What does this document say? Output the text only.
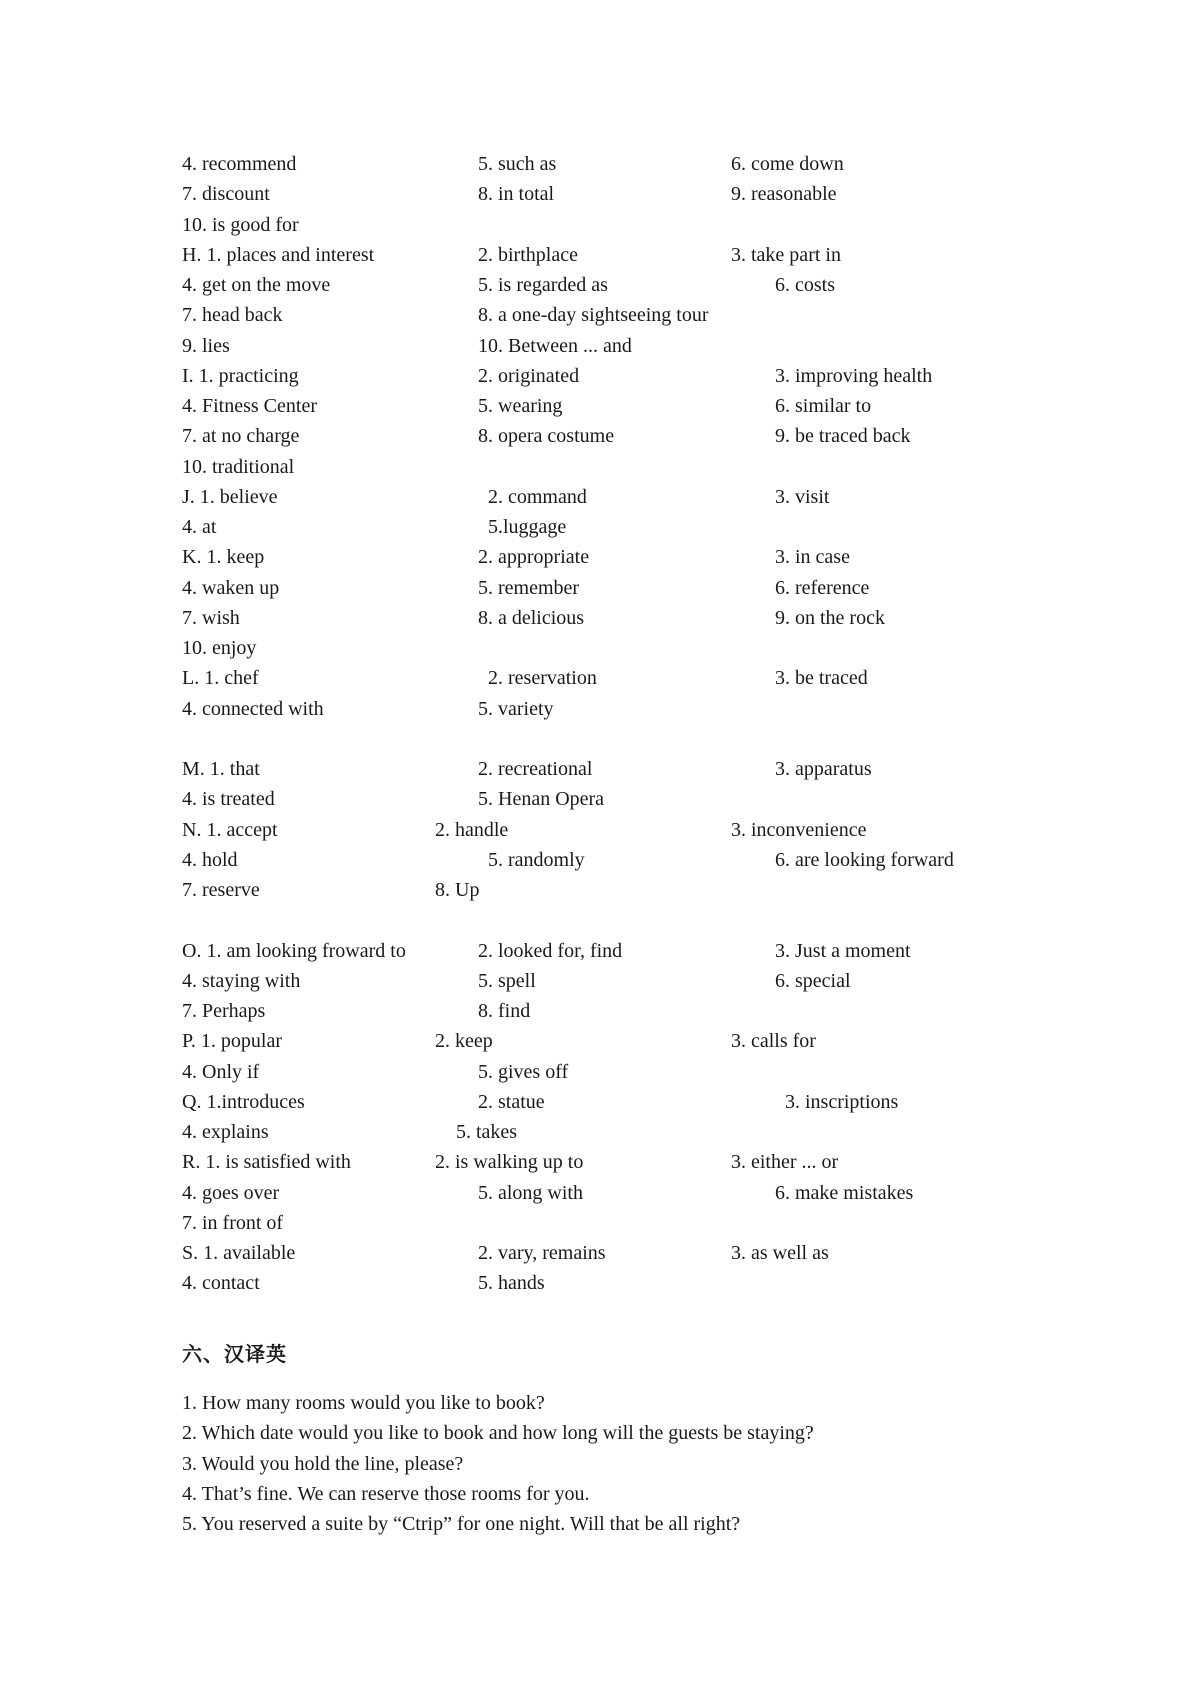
4. recommend	5. such as	6. come down
7. discount	8. in total	9. reasonable
10. is good for
H. 1. places and interest	2. birthplace	3. take part in
4. get on the move	5. is regarded as	6. costs
7. head back	8. a one-day sightseeing tour
9. lies	10. Between ... and
I. 1. practicing	2. originated	3. improving health
4. Fitness Center	5. wearing	6. similar to
7. at no charge	8. opera costume	9. be traced back
10. traditional
J. 1. believe	2. command	3. visit
4. at	5.luggage
K. 1. keep	2. appropriate	3. in case
4. waken up	5. remember	6. reference
7. wish	8. a delicious	9. on the rock
10. enjoy
L. 1. chef	2. reservation	3. be traced
4. connected with	5. variety
M. 1. that	2. recreational	3. apparatus
4. is treated	5. Henan Opera
N. 1. accept	2. handle	3. inconvenience
4. hold	5. randomly	6. are looking forward
7. reserve	8. Up
O. 1. am looking froward to	2. looked for, find	3. Just a moment
4. staying with	5. spell	6. special
7. Perhaps	8. find
P. 1. popular	2. keep	3. calls for
4. Only if	5. gives off
Q. 1.introduces	2. statue	3. inscriptions
4. explains	5. takes
R. 1. is satisfied with	2. is walking up to	3. either ... or
4. goes over	5. along with	6. make mistakes
7. in front of
S. 1. available	2. vary, remains	3. as well as
4. contact	5. hands
六、汉译英
1. How many rooms would you like to book?
2. Which date would you like to book and how long will the guests be staying?
3. Would you hold the line, please?
4. That’s fine. We can reserve those rooms for you.
5. You reserved a suite by “Ctrip” for one night. Will that be all right?
